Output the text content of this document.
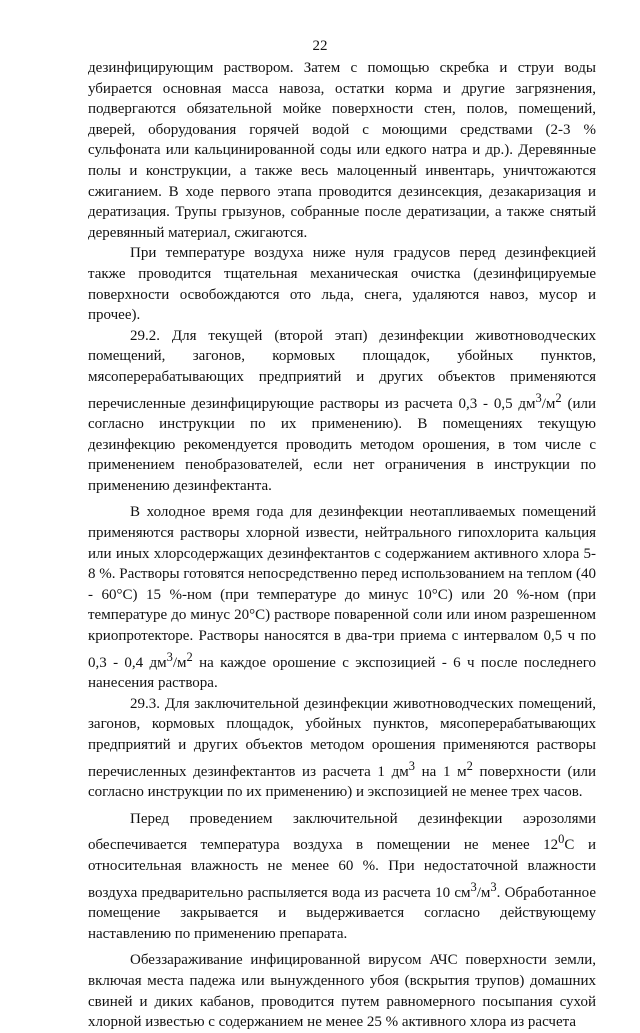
22

дезинфицирующим раствором. Затем с помощью скребка и струи воды убирается основная масса навоза, остатки корма и другие загрязнения, подвергаются обязательной мойке поверхности стен, полов, помещений, дверей, оборудования горячей водой с моющими средствами (2-3 % сульфоната или кальцинированной соды или едкого натра и др.). Деревянные полы и конструкции, а также весь малоценный инвентарь, уничтожаются сжиганием. В ходе первого этапа проводится дезинсекция, дезакаризация и дератизация. Трупы грызунов, собранные после дератизации, а также снятый деревянный материал, сжигаются.

При температуре воздуха ниже нуля градусов перед дезинфекцией также проводится тщательная механическая очистка (дезинфицируемые поверхности освобождаются ото льда, снега, удаляются навоз, мусор и прочее).

29.2. Для текущей (второй этап) дезинфекции животноводческих помещений, загонов, кормовых площадок, убойных пунктов, мясоперерабатывающих предприятий и других объектов применяются перечисленные дезинфицирующие растворы из расчета 0,3 - 0,5 $дм^3/м^2$ (или согласно инструкции по их применению). В помещениях текущую дезинфекцию рекомендуется проводить методом орошения, в том числе с применением пенобразователей, если нет ограничения в инструкции по применению дезинфектанта.

В холодное время года для дезинфекции неотапливаемых помещений применяются растворы хлорной извести, нейтрального гипохлорита кальция или иных хлорсодержащих дезинфектантов с содержанием активного хлора 5-8 %. Растворы готовятся непосредственно перед использованием на теплом (40 - 60°С) 15 %-ном (при температуре до минус 10°С) или 20 %-ном (при температуре до минус 20°С) растворе поваренной соли или ином разрешенном криопротекторе. Растворы наносятся в два-три приема с интервалом 0,5 ч по 0,3 - 0,4 $дм^3/м^2$ на каждое орошение с экспозицией - 6 ч после последнего нанесения раствора.

29.3. Для заключительной дезинфекции животноводческих помещений, загонов, кормовых площадок, убойных пунктов, мясоперерабатывающих предприятий и других объектов методом орошения применяются растворы перечисленных дезинфектантов из расчета 1 $дм^3$ на 1 $м^2$ поверхности (или согласно инструкции по их применению) и экспозицией не менее трех часов.

Перед проведением заключительной дезинфекции аэрозолями обеспечивается температура воздуха в помещении не менее $12^0С$ и относительная влажность не менее 60 %. При недостаточной влажности воздуха предварительно распыляется вода из расчета 10 $см^3/м^3$. Обработанное помещение закрывается и выдерживается согласно действующему наставлению по применению препарата.

Обеззараживание инфицированной вирусом АЧС поверхности земли, включая места падежа или вынужденного убоя (вскрытия трупов) домашних свиней и диких кабанов, проводится путем равномерного посыпания сухой хлорной известью с содержанием не менее 25 % активного хлора из расчета
